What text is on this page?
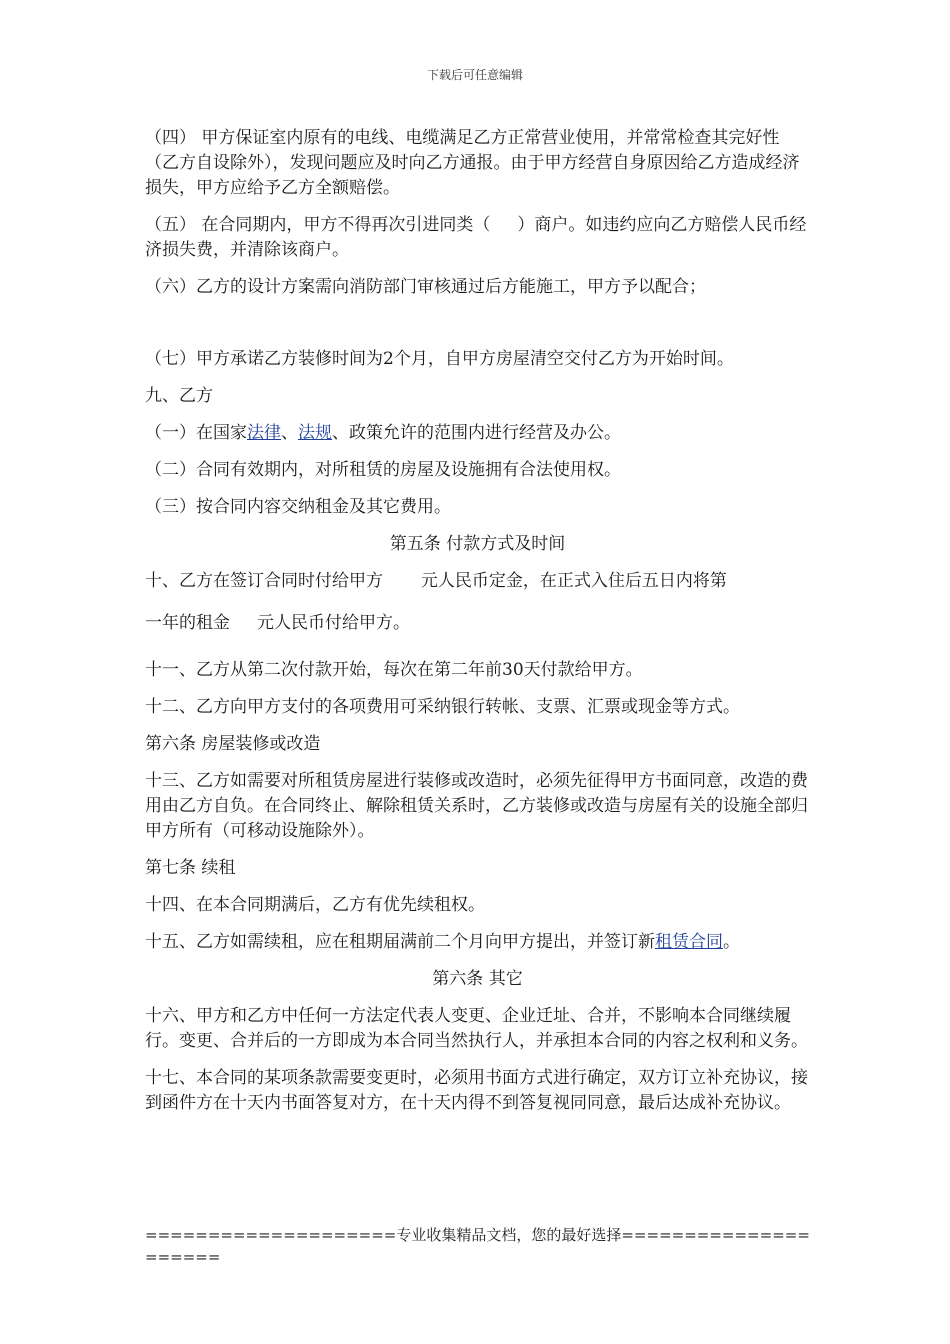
下载后可任意编辑

（四） 甲方保证室内原有的电线、电缆满足乙方正常营业使用，并常常检查其完好性（乙方自设除外），发现问题应及时向乙方通报。由于甲方经营自身原因给乙方造成经济损失，甲方应给予乙方全额赔偿。

（五） 在合同期内，甲方不得再次引进同类（     ）商户。如违约应向乙方赔偿人民币经济损失费，并清除该商户。

（六）乙方的设计方案需向消防部门审核通过后方能施工，甲方予以配合；

（七）甲方承诺乙方装修时间为2个月，自甲方房屋清空交付乙方为开始时间。

九、乙方

（一）在国家法律、法规、政策允许的范围内进行经营及办公。

（二）合同有效期内，对所租赁的房屋及设施拥有合法使用权。

（三）按合同内容交纳租金及其它费用。

第五条 付款方式及时间

十、乙方在签订合同时付给甲方       元人民币定金，在正式入住后五日内将第

一年的租金     元人民币付给甲方。

十一、乙方从第二次付款开始，每次在第二年前30天付款给甲方。

十二、乙方向甲方支付的各项费用可采纳银行转帐、支票、汇票或现金等方式。

第六条 房屋装修或改造

十三、乙方如需要对所租赁房屋进行装修或改造时，必须先征得甲方书面同意，改造的费用由乙方自负。在合同终止、解除租赁关系时，乙方装修或改造与房屋有关的设施全部归甲方所有（可移动设施除外）。

第七条 续租

十四、在本合同期满后，乙方有优先续租权。

十五、乙方如需续租，应在租期届满前二个月向甲方提出，并签订新租赁合同。

第六条 其它

十六、甲方和乙方中任何一方法定代表人变更、企业迁址、合并，不影响本合同继续履行。变更、合并后的一方即成为本合同当然执行人，并承担本合同的内容之权利和义务。

十七、本合同的某项条款需要变更时，必须用书面方式进行确定，双方订立补充协议，接到函件方在十天内书面答复对方，在十天内得不到答复视同同意，最后达成补充协议。

====================专业收集精品文档，您的最好选择=====================
